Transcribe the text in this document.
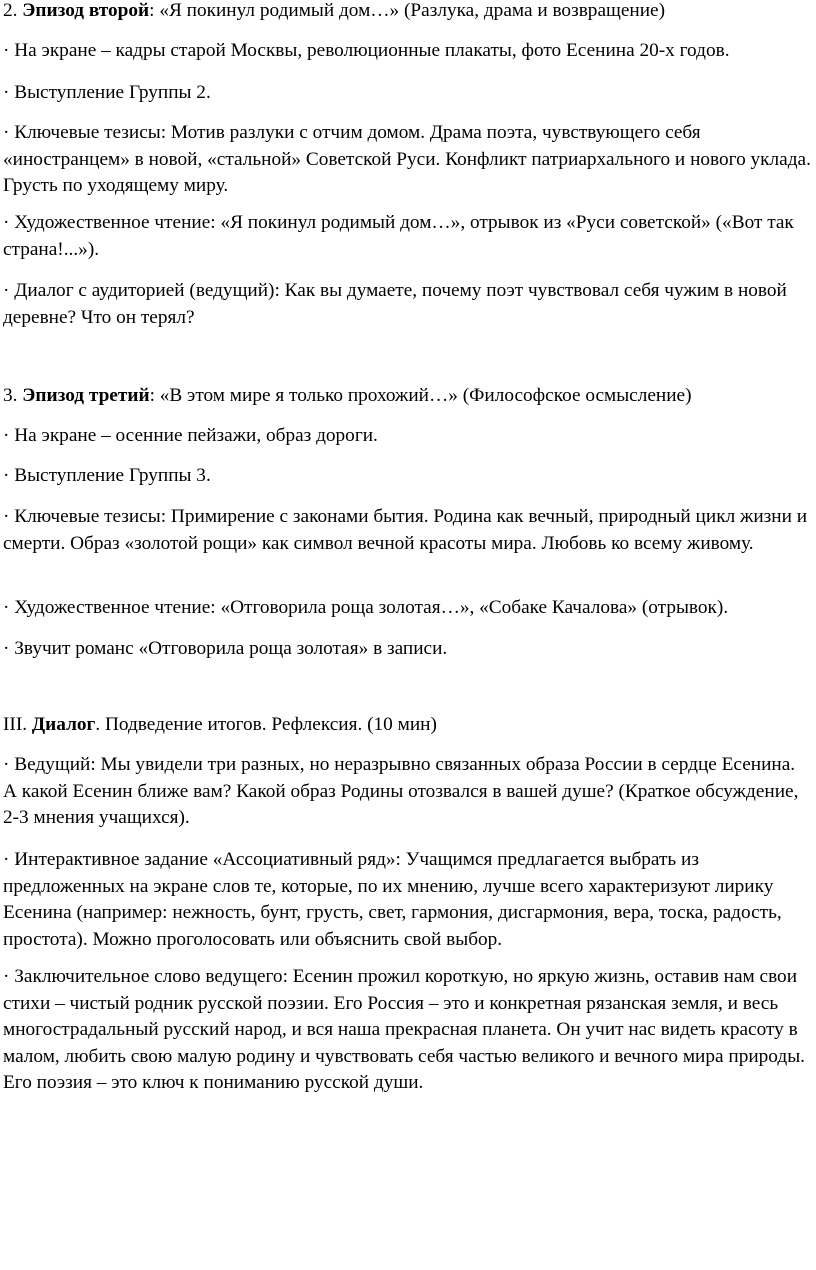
2. Эпизод второй: «Я покинул родимый дом…» (Разлука, драма и возвращение)

· На экране – кадры старой Москвы, революционные плакаты, фото Есенина 20-х годов.

· Выступление Группы 2.

· Ключевые тезисы: Мотив разлуки с отчим домом. Драма поэта, чувствующего себя «иностранцем» в новой, «стальной» Советской Руси. Конфликт патриархального и нового уклада. Грусть по уходящему миру.

· Художественное чтение: «Я покинул родимый дом…», отрывок из «Руси советской» («Вот так страна!...»).

· Диалог с аудиторией (ведущий): Как вы думаете, почему поэт чувствовал себя чужим в новой деревне? Что он терял?

3. Эпизод третий: «В этом мире я только прохожий…» (Философское осмысление)

· На экране – осенние пейзажи, образ дороги.

· Выступление Группы 3.

· Ключевые тезисы: Примирение с законами бытия. Родина как вечный, природный цикл жизни и смерти. Образ «золотой рощи» как символ вечной красоты мира. Любовь ко всему живому.

· Художественное чтение: «Отговорила роща золотая…», «Собаке Качалова» (отрывок).

· Звучит романс «Отговорила роща золотая» в записи.

III. Диалог. Подведение итогов. Рефлексия. (10 мин)

· Ведущий: Мы увидели три разных, но неразрывно связанных образа России в сердце Есенина. А какой Есенин ближе вам? Какой образ Родины отозвался в вашей душе? (Краткое обсуждение, 2-3 мнения учащихся).

· Интерактивное задание «Ассоциативный ряд»: Учащимся предлагается выбрать из предложенных на экране слов те, которые, по их мнению, лучше всего характеризуют лирику Есенина (например: нежность, бунт, грусть, свет, гармония, дисгармония, вера, тоска, радость, простота). Можно проголосовать или объяснить свой выбор.

· Заключительное слово ведущего: Есенин прожил короткую, но яркую жизнь, оставив нам свои стихи – чистый родник русской поэзии. Его Россия – это и конкретная рязанская земля, и весь многострадальный русский народ, и вся наша прекрасная планета. Он учит нас видеть красоту в малом, любить свою малую родину и чувствовать себя частью великого и вечного мира природы. Его поэзия – это ключ к пониманию русской души.
